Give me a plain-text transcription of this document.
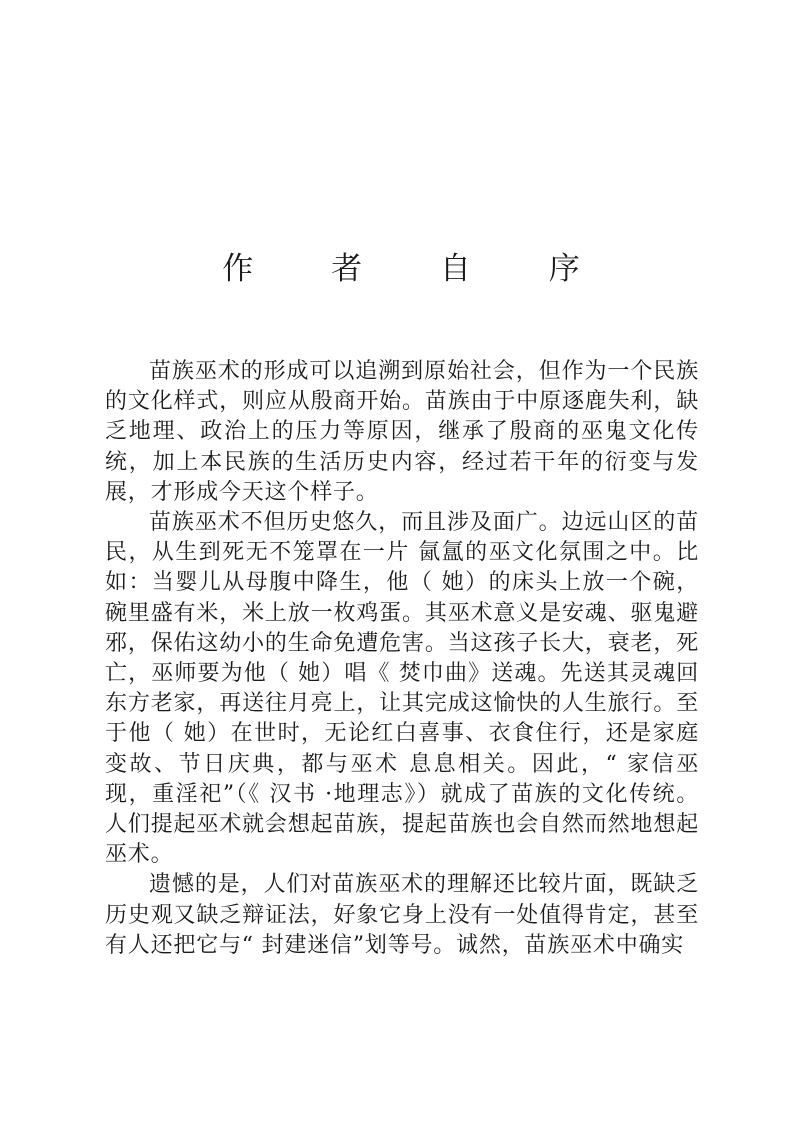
作 者 自 序

苗族巫术的形成可以追溯到原始社会，但作为一个民族的文化样式，则应从殷商开始。苗族由于中原逐鹿失利，缺乏地理、政治上的压力等原因，继承了殷商的巫鬼文化传统，加上本民族的生活历史内容，经过若干年的衍变与发展，才形成今天这个样子。

苗族巫术不但历史悠久，而且涉及面广。边远山区的苗民，从生到死无不笼罩在一片 氤氲的巫文化氛围之中。比如：当婴儿从母腹中降生，他（ 她）的床头上放一个碗，碗里盛有米，米上放一枚鸡蛋。其巫术意义是安魂、驱鬼避邪，保佑这幼小的生命免遭危害。当这孩子长大，衰老，死亡，巫师要为他（ 她）唱《 焚巾曲》送魂。先送其灵魂回东方老家，再送往月亮上，让其完成这愉快的人生旅行。至于他（ 她）在世时，无论红白喜事、衣食住行，还是家庭变故、节日庆典，都与巫术 息息相关。因此，“ 家信巫现，重淫祀”（《 汉书 ·地理志》）就成了苗族的文化传统。人们提起巫术就会想起苗族，提起苗族也会自然而然地想起巫术。

遗憾的是，人们对苗族巫术的理解还比较片面，既缺乏历史观又缺乏辩证法，好象它身上没有一处值得肯定，甚至有人还把它与“ 封建迷信”划等号。诚然，苗族巫术中确实
